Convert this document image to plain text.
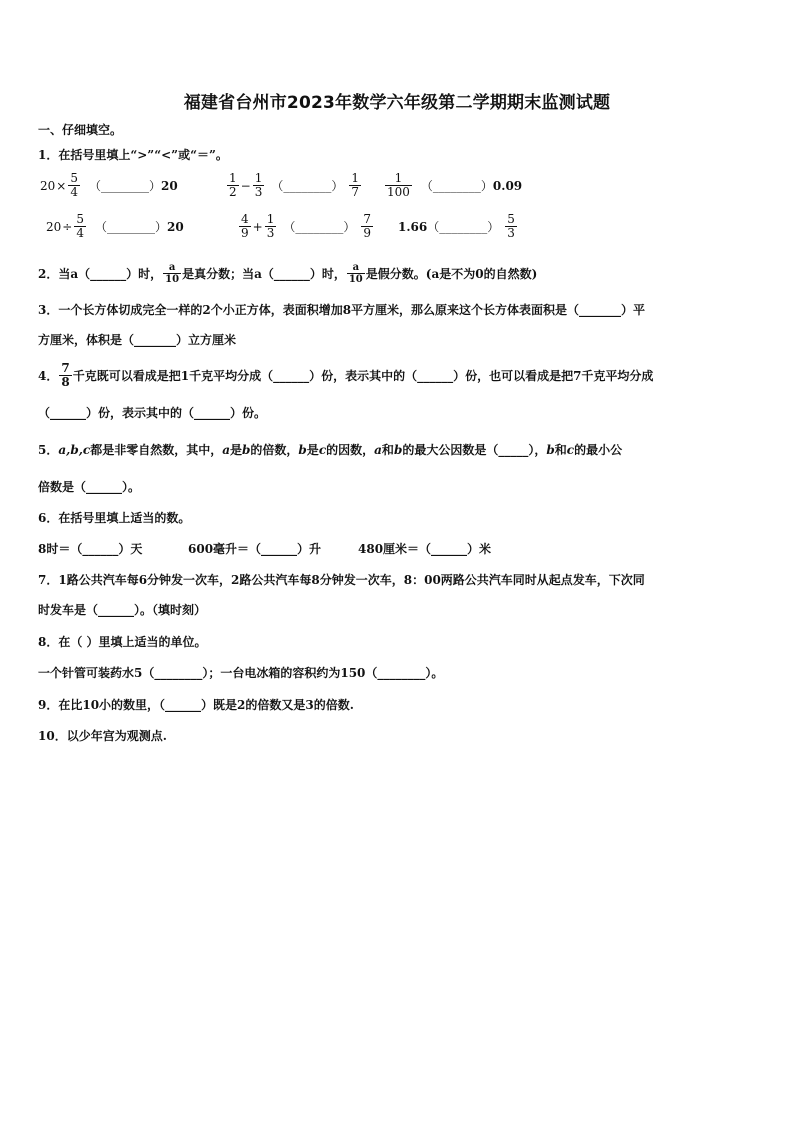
福建省台州市2023年数学六年级第二学期期末监测试题
一、仔细填空。
1．在括号里填上“>”“<”或“＝”。
$20 \times \frac{5}{4}$ （________） 20
1
$2 - \frac{1}{3}$ （________）
1
7
1
100 （________） 0.09
$20 \div \frac{5}{4}$ （________） 20
4
$9 + \frac{1}{3}$ （________）
7
9 1.66 （________）
5
3
2．当a（______）时， a
10 是真分数；当a（______）时， a
10 是假分数。(a是不为0的自然数)
3．一个长方体切成完全一样的2个小正方体，表面积增加8平方厘米，那么原来这个长方体表面积是（_______）平
方厘米，体积是（_______）立方厘米
4．
7
8 千克既可以看成是把1千克平均分成（______）份，表示其中的（______）份，也可以看成是把7千克平均分成
（______）份，表示其中的（______）份。
5．a,b,c都是非零自然数，其中，a是b的倍数，b是c的因数，a和b的最大公因数是（_____），b和c的最小公
倍数是（______）。
6．在括号里填上适当的数。
8时＝（______）天	600毫升＝（______）升	480厘米＝（______）米
7．1路公共汽车每6分钟发一次车，2路公共汽车每8分钟发一次车，8：00两路公共汽车同时从起点发车，下次同
时发车是（______）。（填时刻）
8．在（ ）里填上适当的单位。
一个针管可装药水5（________）；一台电冰箱的容积约为150（________）。
9．在比10小的数里，（______）既是2的倍数又是3的倍数.
10．以少年宫为观测点.
